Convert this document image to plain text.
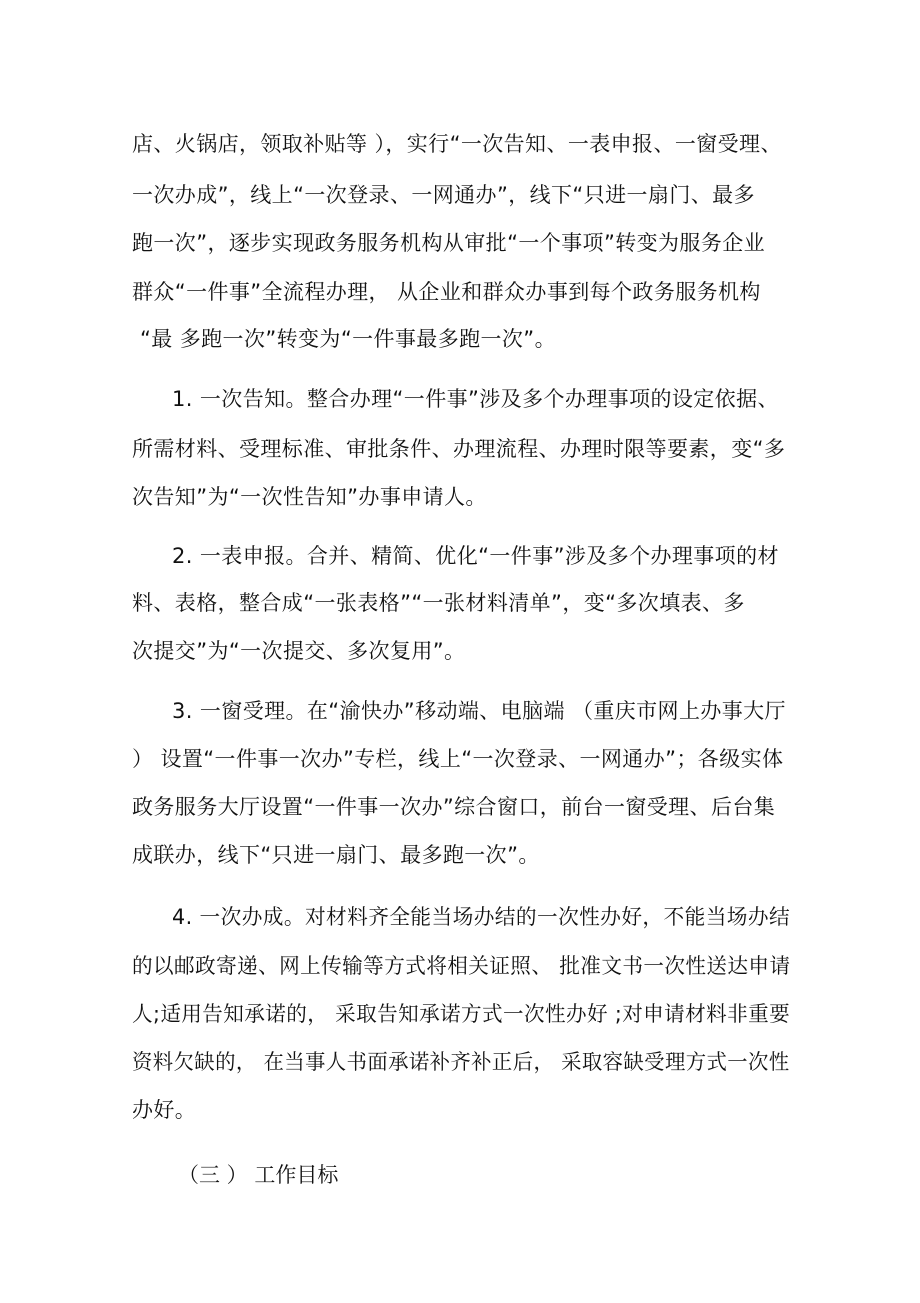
店、火锅店，领取补贴等 ），实行“一次告知、一表申报、一窗受理、
一次办成”，线上“一次登录、一网通办”，线下“只进一扇门、最多
跑一次”，逐步实现政务服务机构从审批“一个事项”转变为服务企业
群众“一件事”全流程办理， 从企业和群众办事到每个政务服务机构
“最 多跑一次”转变为“一件事最多跑一次”。
1. 一次告知。整合办理“一件事”涉及多个办理事项的设定依据、
所需材料、受理标准、审批条件、办理流程、办理时限等要素，变“多
次告知”为“一次性告知”办事申请人。
2. 一表申报。合并、精简、优化“一件事”涉及多个办理事项的材
料、表格，整合成“一张表格”“一张材料清单”，变“多次填表、多
次提交”为“一次提交、多次复用”。
3. 一窗受理。在“渝快办”移动端、电脑端 （重庆市网上办事大厅
） 设置“一件事一次办”专栏，线上“一次登录、一网通办”；各级实体
政务服务大厅设置“一件事一次办”综合窗口，前台一窗受理、后台集
成联办，线下“只进一扇门、最多跑一次”。
4. 一次办成。对材料齐全能当场办结的一次性办好，不能当场办结
的以邮政寄递、网上传输等方式将相关证照、 批准文书一次性送达申请
人;适用告知承诺的， 采取告知承诺方式一次性办好 ;对申请材料非重要
资料欠缺的， 在当事人书面承诺补齐补正后， 采取容缺受理方式一次性
办好。
（三 ） 工作目标
